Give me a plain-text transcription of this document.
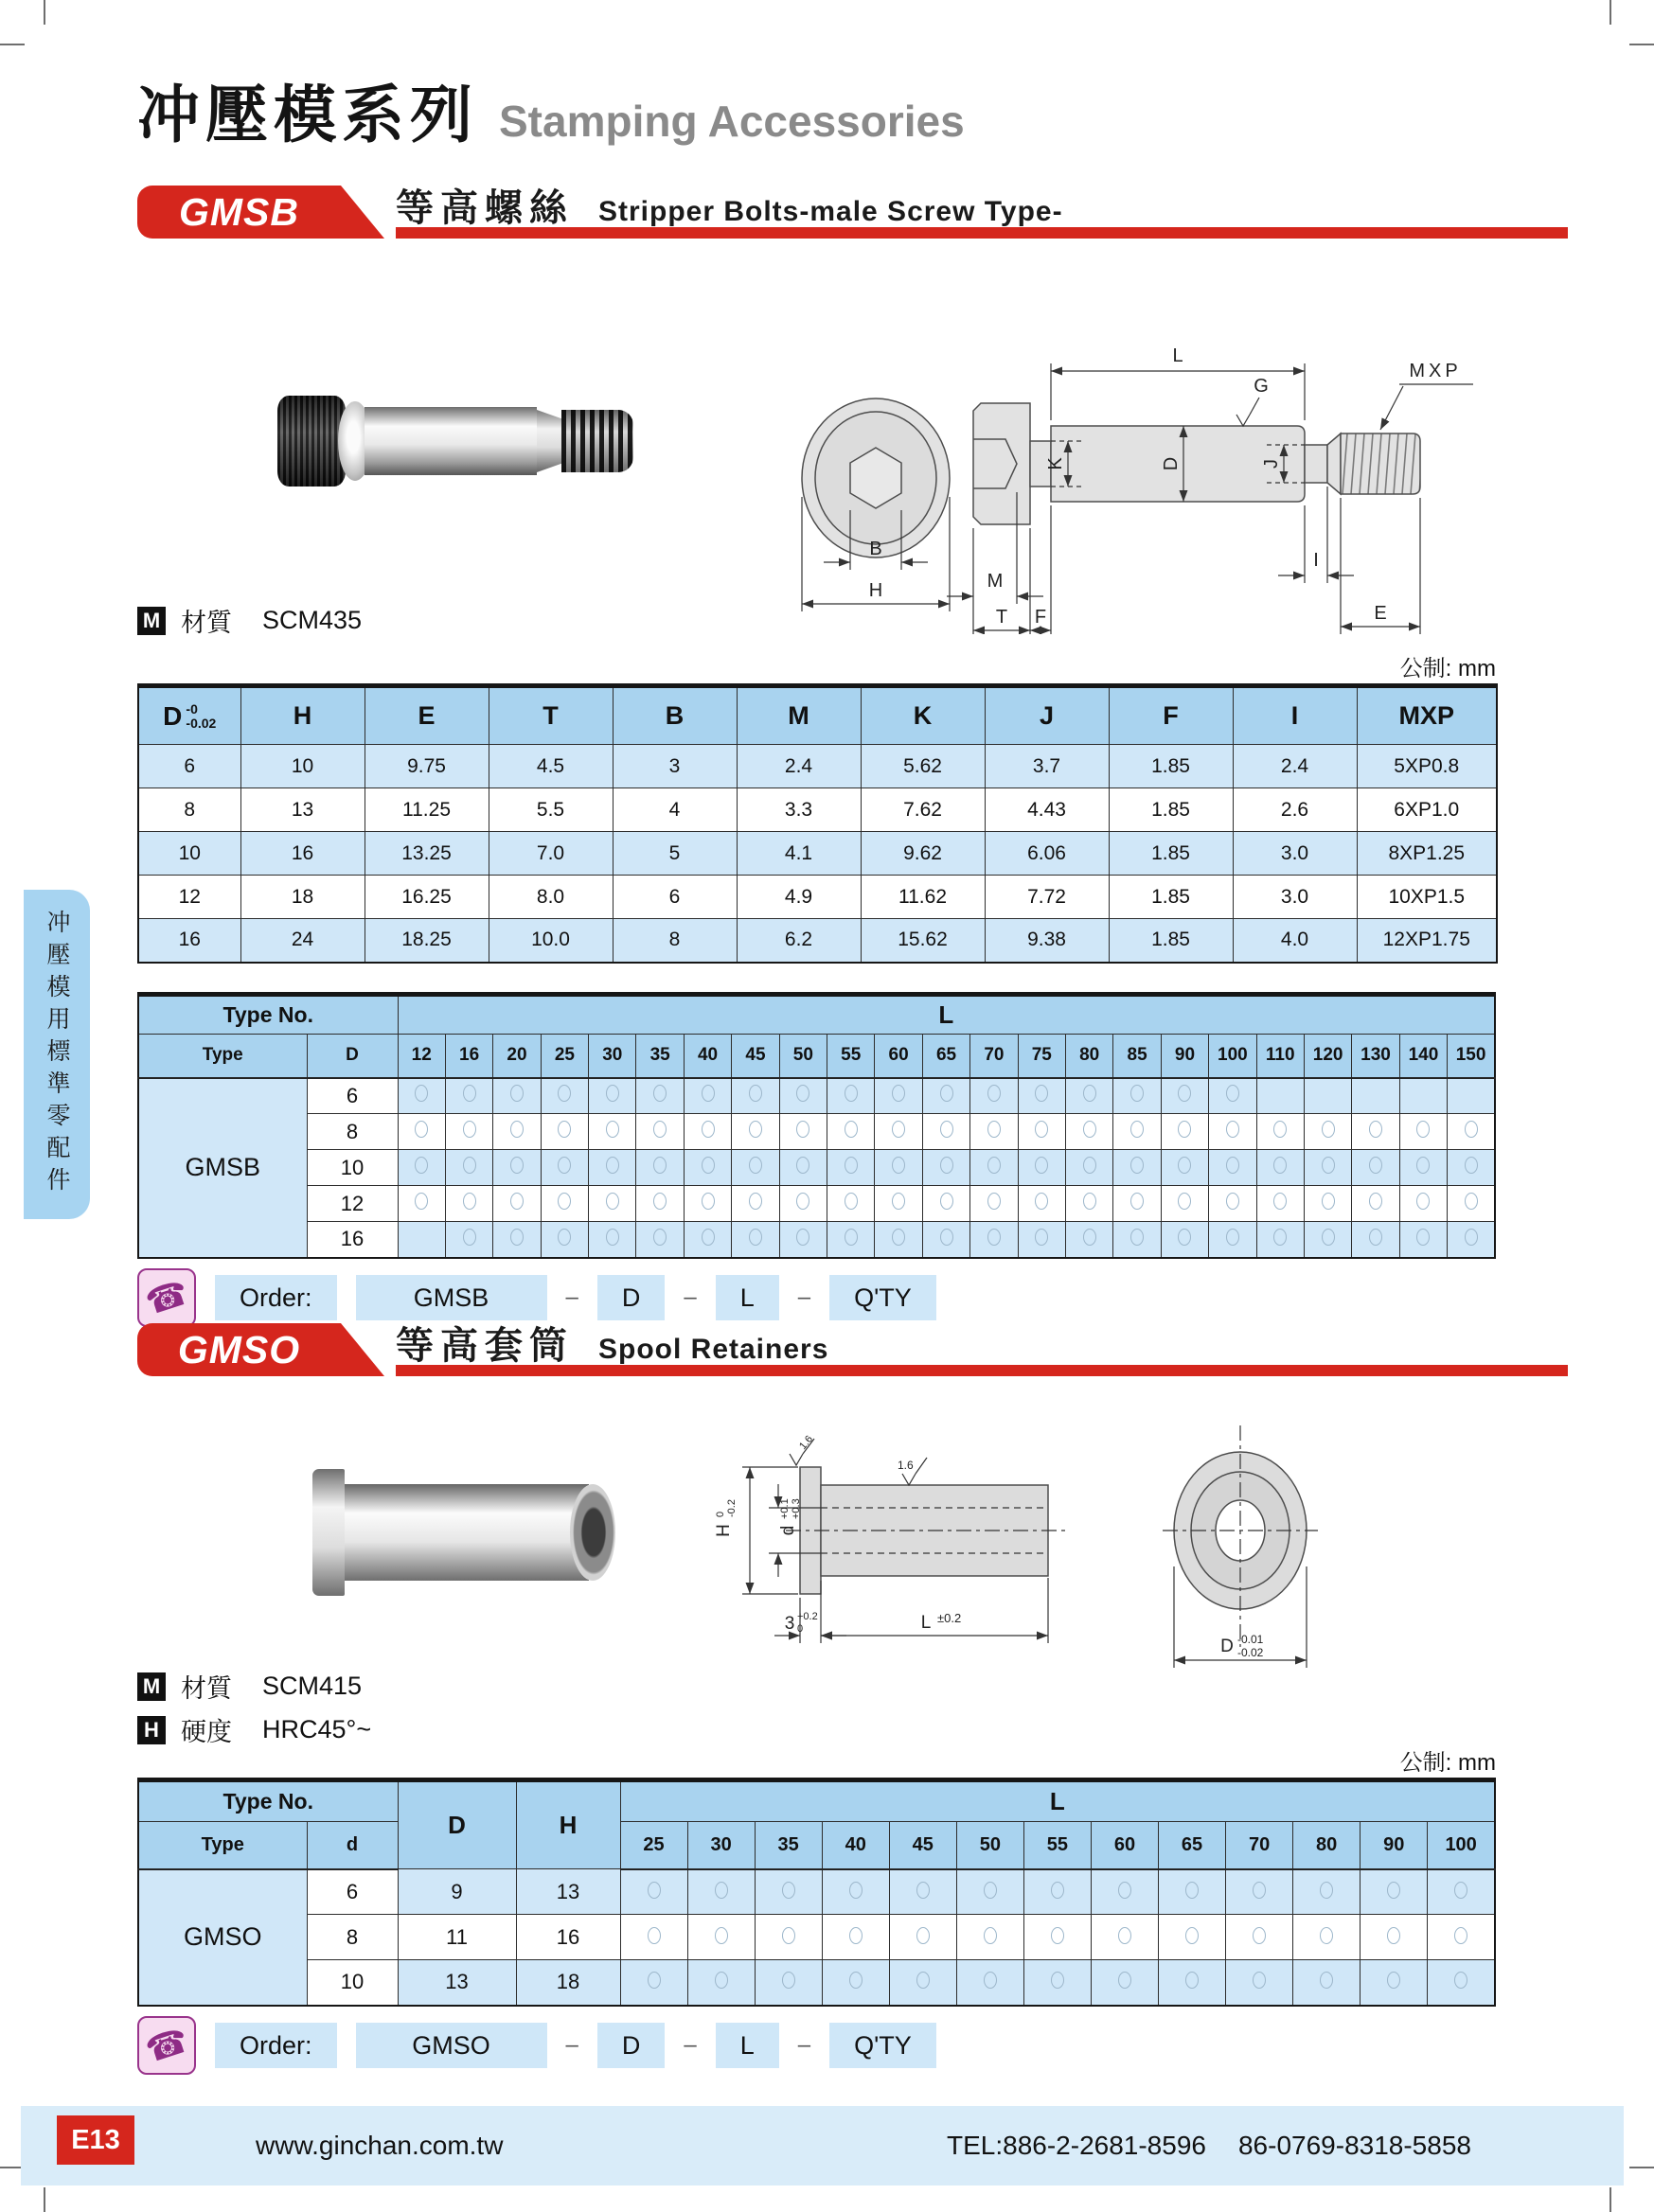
冲壓模系列 Stamping Accessories
GMSB	等高螺絲 Stripper Bolts-male Screw Type-
L
G
MXP
K	D	J
B
H	M
T F
I
E
M 材質 SCM435
公制: mm
D -0
-0.02	H	E	T	B	M	K	J	F	I	MXP
6	10	9.75	4.5	3	2.4	5.62	3.7	1.85	2.4	5XP0.8
8	13	11.25	5.5	4	3.3	7.62	4.43	1.85	2.6	6XP1.0
10	16	13.25	7.0	5	4.1	9.62	6.06	1.85	3.0	8XP1.25
12	18	16.25	8.0	6	4.9	11.62	7.72	1.85	3.0	10XP1.5
16	24	18.25	10.0	8	6.2	15.62	9.38	1.85	4.0	12XP1.75
Type No.		L																						
Type	D	12	16	20	25	30	35	40	45	50	55	60	65	70	75	80	85	90	100	110	120	130	140	150
GMSB	6																							
	8																							
	10																							
	12																							
	16																							
☎	Order:	GMSB	–	D	–	L	–	Q'TY
GMSO	等高套筒 Spool Retainers
1.6
1.6
H
0 -0.2
d
+0.1 +0.3
3 +0.2
0	L ±0.2
D -0.01
-0.02
M 材質 SCM415
H 硬度 HRC45°~
公制: mm
Type No.		D	H	L												
Type	d			25	30	35	40	45	50	55	60	65	70	80	90	100
GMSO	6	9	13													
	8	11	16													
	10	13	18													
☎	Order:	GMSO	–	D	–	L	–	Q'TY
冲壓模用標準零配件
E13	www.ginchan.com.tw	TEL:886-2-2681-8596 86-0769-8318-5858
